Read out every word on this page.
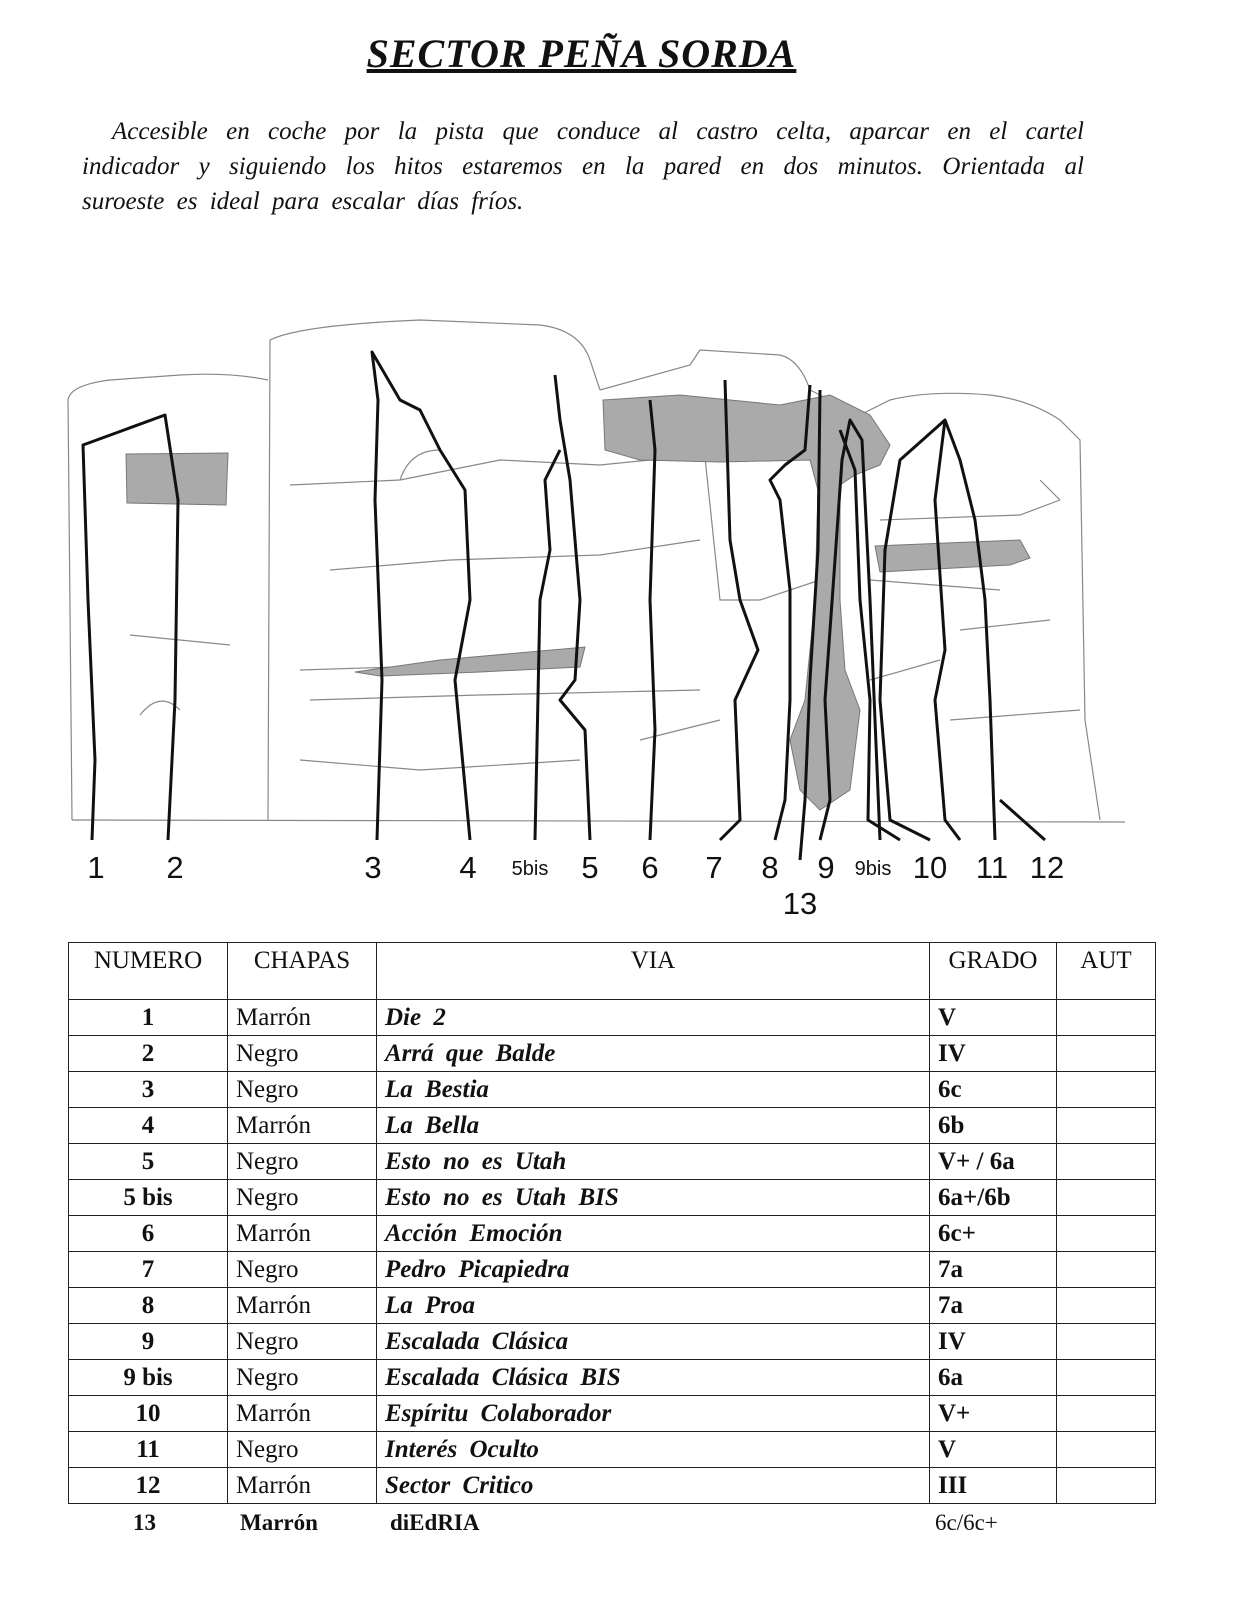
SECTOR PEÑA SORDA
Accesible en coche por la pista que conduce al castro celta, aparcar en el cartel indicador y siguiendo los hitos estaremos en la pared en dos minutos. Orientada al suroeste es ideal para escalar días fríos.
1 2	3	4 5bis 5 6 7 8 9 9bis 10 11 12
13
NUMERO	CHAPAS	VIA	GRADO	AUT
1	Marrón	Die 2	V	
2	Negro	Arrá que Balde	IV	
3	Negro	La Bestia	6c	
4	Marrón	La Bella	6b	
5	Negro	Esto no es Utah	V+ / 6a	
5 bis	Negro	Esto no es Utah BIS	6a+/6b	
6	Marrón	Acción Emoción	6c+	
7	Negro	Pedro Picapiedra	7a	
8	Marrón	La Proa	7a	
9	Negro	Escalada Clásica	IV	
9 bis	Negro	Escalada Clásica BIS	6a	
10	Marrón	Espíritu Colaborador	V+	
11	Negro	Interés Oculto	V	
12	Marrón	Sector Critico	III	
13	Marrón	diEdRIA	6c/6c+
